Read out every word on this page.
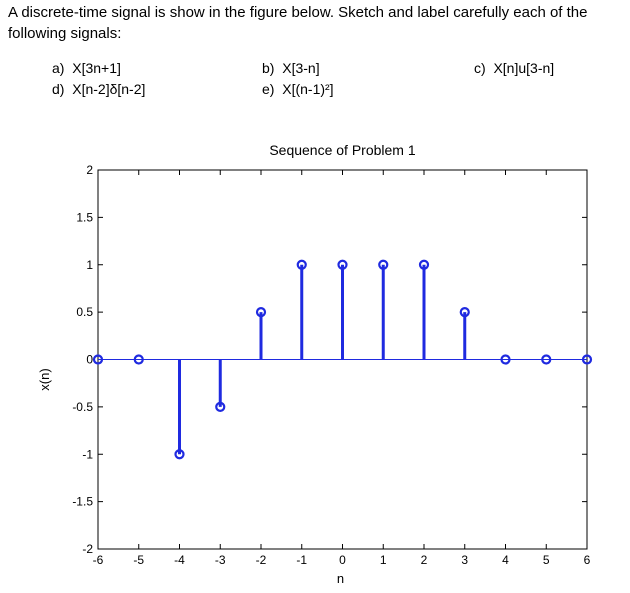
A discrete-time signal is show in the figure below. Sketch and label carefully each of the following signals:
a) X[3n+1]	b) X[3-n]	c) X[n]u[3-n]
d) X[n-2]δ[n-2]	e) X[(n-1)²]
Sequence of Problem 1
-6	-5	-4	-3	-2	-1	0	1	2	3	4	5	6
-2
-1.5
-1
-0.5
0
0.5
1
1.5
2
n
x(n)
